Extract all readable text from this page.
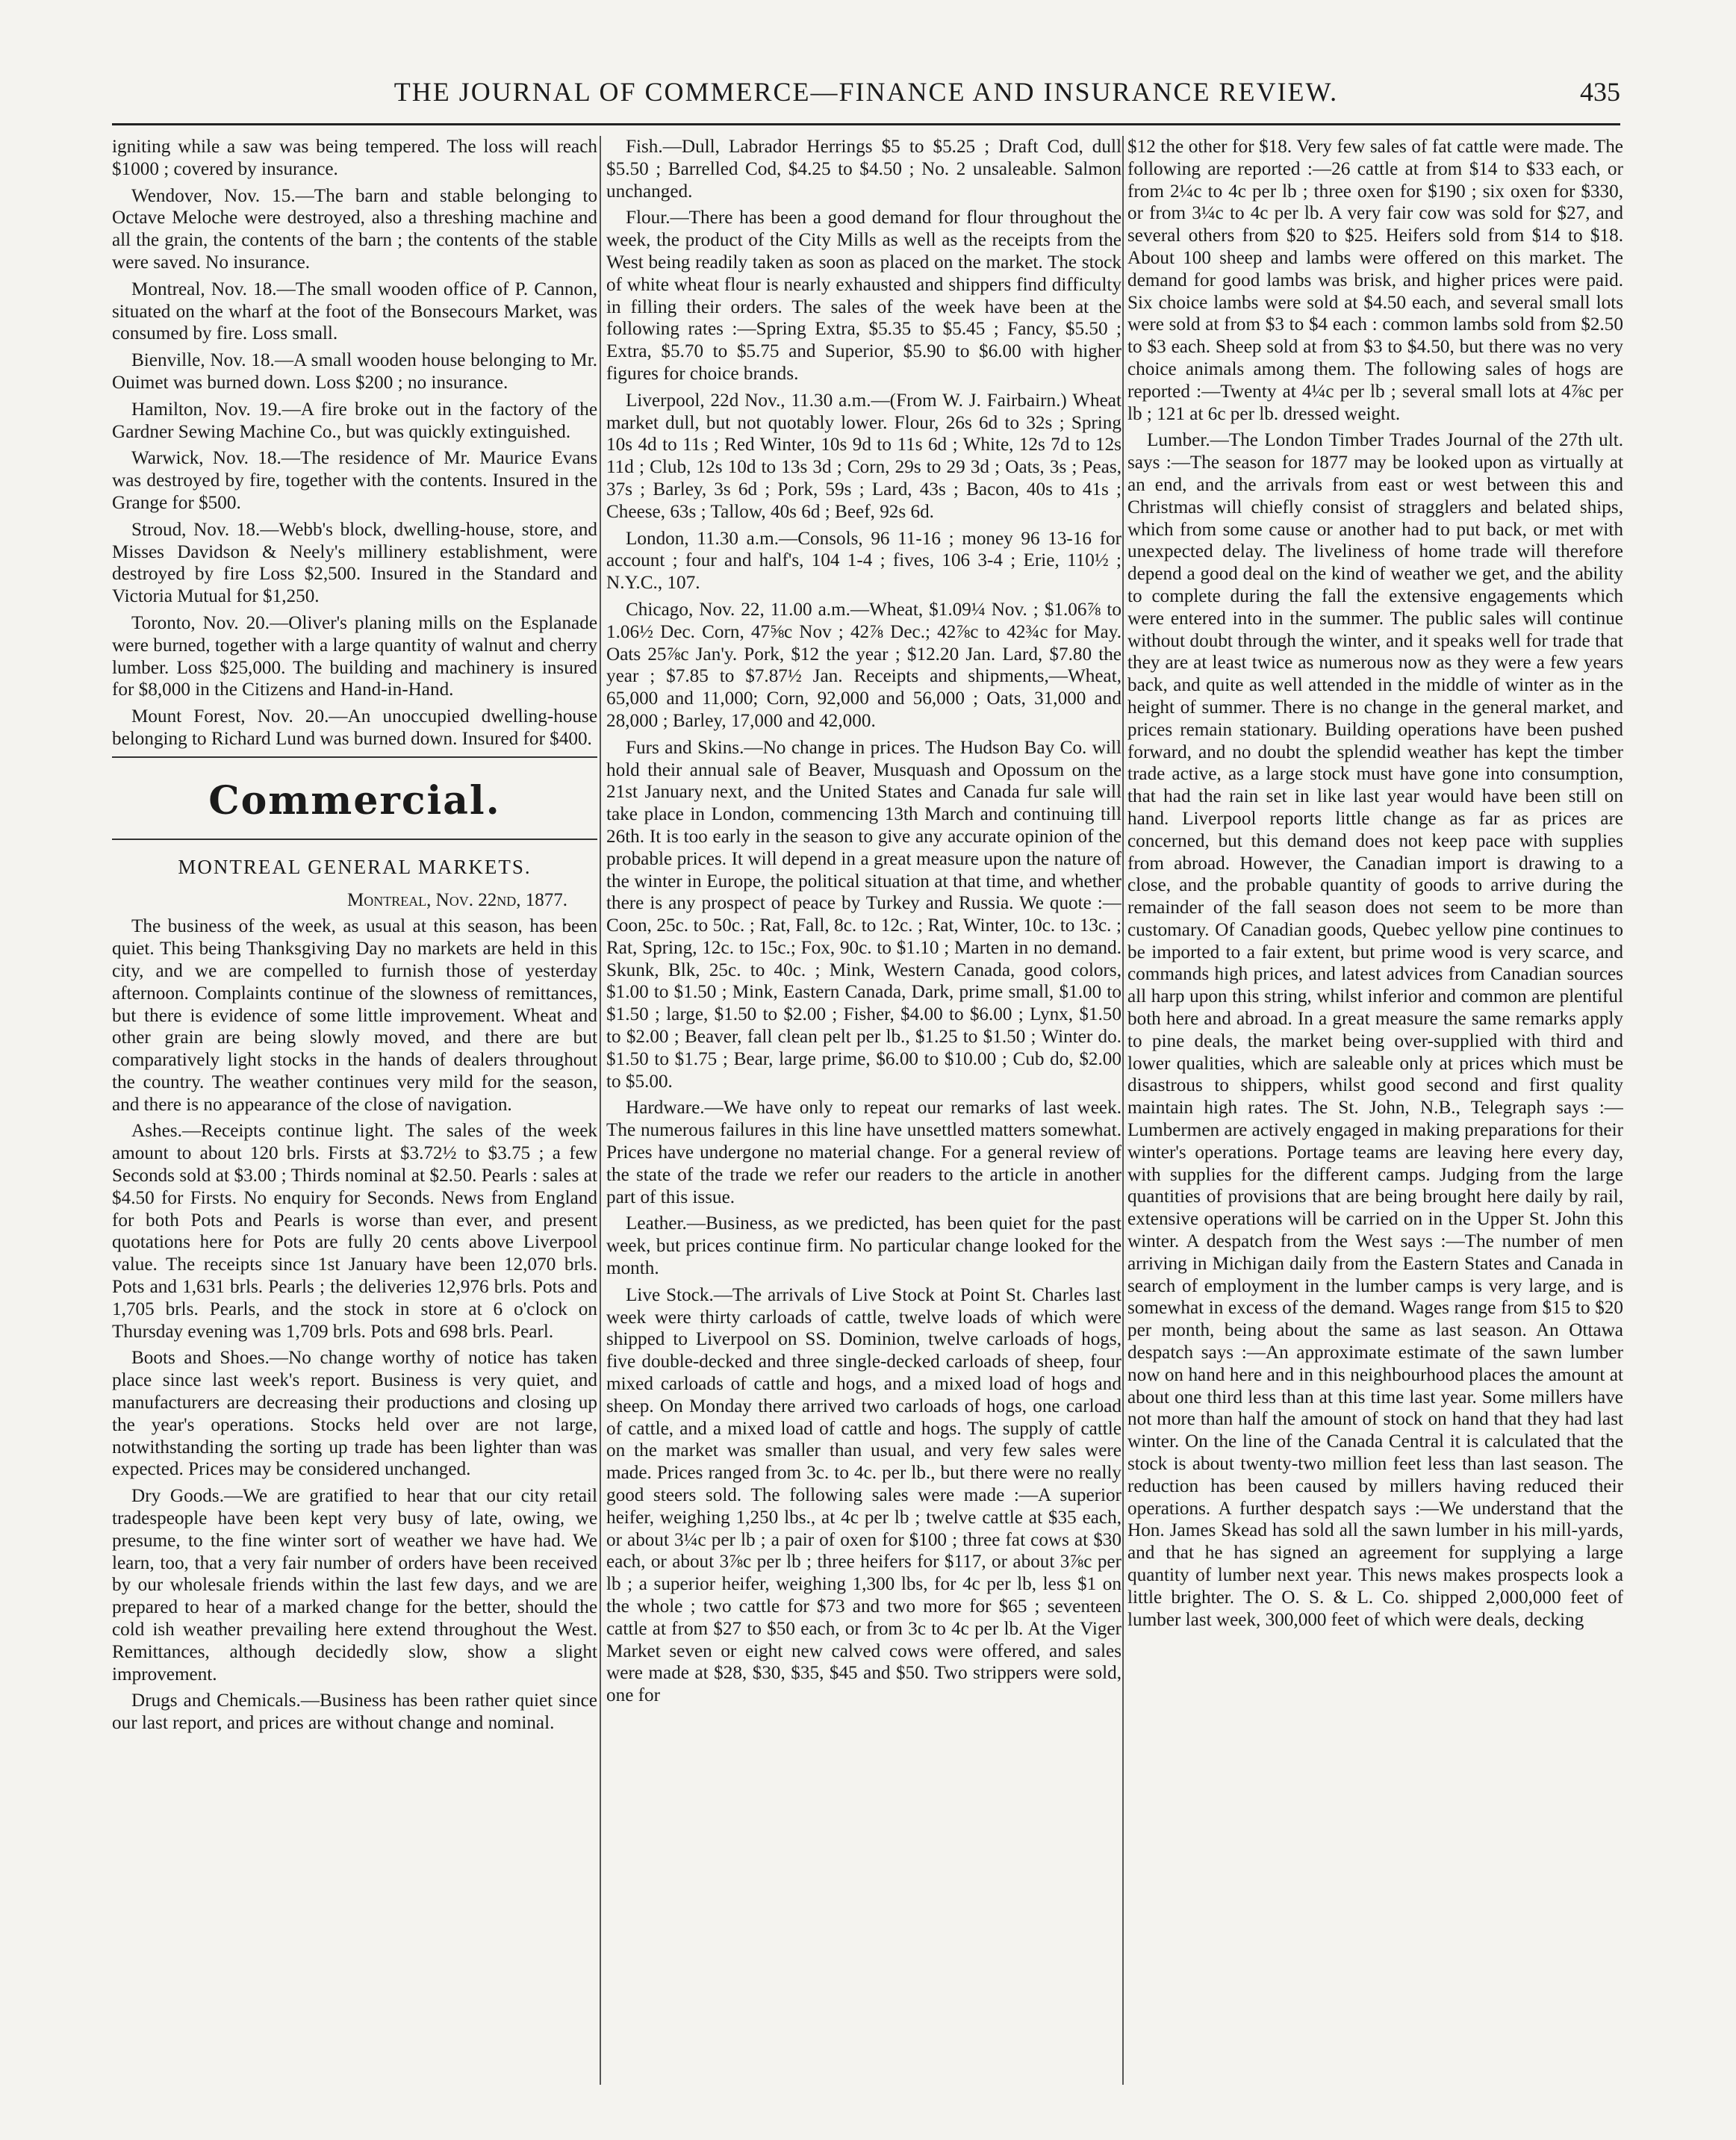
THE JOURNAL OF COMMERCE—FINANCE AND INSURANCE REVIEW.	435

igniting while a saw was being tempered. The loss will reach $1000 ; covered by insurance.

Wendover, Nov. 15.—The barn and stable belonging to Octave Meloche were destroyed, also a threshing machine and all the grain, the contents of the barn ; the contents of the stable were saved. No insurance.

Montreal, Nov. 18.—The small wooden office of P. Cannon, situated on the wharf at the foot of the Bonsecours Market, was consumed by fire. Loss small.

Bienville, Nov. 18.—A small wooden house belonging to Mr. Ouimet was burned down. Loss $200 ; no insurance.

Hamilton, Nov. 19.—A fire broke out in the factory of the Gardner Sewing Machine Co., but was quickly extinguished.

Warwick, Nov. 18.—The residence of Mr. Maurice Evans was destroyed by fire, together with the contents. Insured in the Grange for $500.

Stroud, Nov. 18.—Webb's block, dwelling-house, store, and Misses Davidson & Neely's millinery establishment, were destroyed by fire Loss $2,500. Insured in the Standard and Victoria Mutual for $1,250.

Toronto, Nov. 20.—Oliver's planing mills on the Esplanade were burned, together with a large quantity of walnut and cherry lumber. Loss $25,000. The building and machinery is insured for $8,000 in the Citizens and Hand-in-Hand.

Mount Forest, Nov. 20.—An unoccupied dwelling-house belonging to Richard Lund was burned down. Insured for $400.

Commercial.
MONTREAL GENERAL MARKETS.
Montreal, Nov. 22nd, 1877.

The business of the week, as usual at this season, has been quiet. This being Thanksgiving Day no markets are held in this city, and we are compelled to furnish those of yesterday afternoon. Complaints continue of the slowness of remittances, but there is evidence of some little improvement. Wheat and other grain are being slowly moved, and there are but comparatively light stocks in the hands of dealers throughout the country. The weather continues very mild for the season, and there is no appearance of the close of navigation.

Ashes.—Receipts continue light. The sales of the week amount to about 120 brls. Firsts at $3.72½ to $3.75 ; a few Seconds sold at $3.00 ; Thirds nominal at $2.50. Pearls : sales at $4.50 for Firsts. No enquiry for Seconds. News from England for both Pots and Pearls is worse than ever, and present quotations here for Pots are fully 20 cents above Liverpool value. The receipts since 1st January have been 12,070 brls. Pots and 1,631 brls. Pearls ; the deliveries 12,976 brls. Pots and 1,705 brls. Pearls, and the stock in store at 6 o'clock on Thursday evening was 1,709 brls. Pots and 698 brls. Pearl.

Boots and Shoes.—No change worthy of notice has taken place since last week's report. Business is very quiet, and manufacturers are decreasing their productions and closing up the year's operations. Stocks held over are not large, notwithstanding the sorting up trade has been lighter than was expected. Prices may be considered unchanged.

Dry Goods.—We are gratified to hear that our city retail tradespeople have been kept very busy of late, owing, we presume, to the fine winter sort of weather we have had. We learn, too, that a very fair number of orders have been received by our wholesale friends within the last few days, and we are prepared to hear of a marked change for the better, should the cold ish weather prevailing here extend throughout the West. Remittances, although decidedly slow, show a slight improvement.

Drugs and Chemicals.—Business has been rather quiet since our last report, and prices are without change and nominal.

Fish.—Dull, Labrador Herrings $5 to $5.25 ; Draft Cod, dull $5.50 ; Barrelled Cod, $4.25 to $4.50 ; No. 2 unsaleable. Salmon unchanged.

Flour.—There has been a good demand for flour throughout the week, the product of the City Mills as well as the receipts from the West being readily taken as soon as placed on the market. The stock of white wheat flour is nearly exhausted and shippers find difficulty in filling their orders. The sales of the week have been at the following rates :—Spring Extra, $5.35 to $5.45 ; Fancy, $5.50 ; Extra, $5.70 to $5.75 and Superior, $5.90 to $6.00 with higher figures for choice brands.

Liverpool, 22d Nov., 11.30 a.m.—(From W. J. Fairbairn.) Wheat market dull, but not quotably lower. Flour, 26s 6d to 32s ; Spring 10s 4d to 11s ; Red Winter, 10s 9d to 11s 6d ; White, 12s 7d to 12s 11d ; Club, 12s 10d to 13s 3d ; Corn, 29s to 29 3d ; Oats, 3s ; Peas, 37s ; Barley, 3s 6d ; Pork, 59s ; Lard, 43s ; Bacon, 40s to 41s ; Cheese, 63s ; Tallow, 40s 6d ; Beef, 92s 6d.

London, 11.30 a.m.—Consols, 96 11-16 ; money 96 13-16 for account ; four and half's, 104 1-4 ; fives, 106 3-4 ; Erie, 110½ ; N.Y.C., 107.

Chicago, Nov. 22, 11.00 a.m.—Wheat, $1.09¼ Nov. ; $1.06⅞ to 1.06½ Dec. Corn, 47⅝c Nov ; 42⅞ Dec.; 42⅞c to 42¾c for May. Oats 25⅞c Jan'y. Pork, $12 the year ; $12.20 Jan. Lard, $7.80 the year ; $7.85 to $7.87½ Jan. Receipts and shipments,—Wheat, 65,000 and 11,000; Corn, 92,000 and 56,000 ; Oats, 31,000 and 28,000 ; Barley, 17,000 and 42,000.

Furs and Skins.—No change in prices. The Hudson Bay Co. will hold their annual sale of Beaver, Musquash and Opossum on the 21st January next, and the United States and Canada fur sale will take place in London, commencing 13th March and continuing till 26th. It is too early in the season to give any accurate opinion of the probable prices. It will depend in a great measure upon the nature of the winter in Europe, the political situation at that time, and whether there is any prospect of peace by Turkey and Russia. We quote :—Coon, 25c. to 50c. ; Rat, Fall, 8c. to 12c. ; Rat, Winter, 10c. to 13c. ; Rat, Spring, 12c. to 15c.; Fox, 90c. to $1.10 ; Marten in no demand. Skunk, Blk, 25c. to 40c. ; Mink, Western Canada, good colors, $1.00 to $1.50 ; Mink, Eastern Canada, Dark, prime small, $1.00 to $1.50 ; large, $1.50 to $2.00 ; Fisher, $4.00 to $6.00 ; Lynx, $1.50 to $2.00 ; Beaver, fall clean pelt per lb., $1.25 to $1.50 ; Winter do. $1.50 to $1.75 ; Bear, large prime, $6.00 to $10.00 ; Cub do, $2.00 to $5.00.

Hardware.—We have only to repeat our remarks of last week. The numerous failures in this line have unsettled matters somewhat. Prices have undergone no material change. For a general review of the state of the trade we refer our readers to the article in another part of this issue.

Leather.—Business, as we predicted, has been quiet for the past week, but prices continue firm. No particular change looked for the month.

Live Stock.—The arrivals of Live Stock at Point St. Charles last week were thirty carloads of cattle, twelve loads of which were shipped to Liverpool on SS. Dominion, twelve carloads of hogs, five double-decked and three single-decked carloads of sheep, four mixed carloads of cattle and hogs, and a mixed load of hogs and sheep. On Monday there arrived two carloads of hogs, one carload of cattle, and a mixed load of cattle and hogs. The supply of cattle on the market was smaller than usual, and very few sales were made. Prices ranged from 3c. to 4c. per lb., but there were no really good steers sold. The following sales were made :—A superior heifer, weighing 1,250 lbs., at 4c per lb ; twelve cattle at $35 each, or about 3¼c per lb ; a pair of oxen for $100 ; three fat cows at $30 each, or about 3⅞c per lb ; three heifers for $117, or about 3⅞c per lb ; a superior heifer, weighing 1,300 lbs, for 4c per lb, less $1 on the whole ; two cattle for $73 and two more for $65 ; seventeen cattle at from $27 to $50 each, or from 3c to 4c per lb. At the Viger Market seven or eight new calved cows were offered, and sales were made at $28, $30, $35, $45 and $50. Two strippers were sold, one for

$12 the other for $18. Very few sales of fat cattle were made. The following are reported :—26 cattle at from $14 to $33 each, or from 2¼c to 4c per lb ; three oxen for $190 ; six oxen for $330, or from 3¼c to 4c per lb. A very fair cow was sold for $27, and several others from $20 to $25. Heifers sold from $14 to $18. About 100 sheep and lambs were offered on this market. The demand for good lambs was brisk, and higher prices were paid. Six choice lambs were sold at $4.50 each, and several small lots were sold at from $3 to $4 each : common lambs sold from $2.50 to $3 each. Sheep sold at from $3 to $4.50, but there was no very choice animals among them. The following sales of hogs are reported :—Twenty at 4¼c per lb ; several small lots at 4⅞c per lb ; 121 at 6c per lb. dressed weight.

Lumber.—The London Timber Trades Journal of the 27th ult. says :—The season for 1877 may be looked upon as virtually at an end, and the arrivals from east or west between this and Christmas will chiefly consist of stragglers and belated ships, which from some cause or another had to put back, or met with unexpected delay. The liveliness of home trade will therefore depend a good deal on the kind of weather we get, and the ability to complete during the fall the extensive engagements which were entered into in the summer. The public sales will continue without doubt through the winter, and it speaks well for trade that they are at least twice as numerous now as they were a few years back, and quite as well attended in the middle of winter as in the height of summer. There is no change in the general market, and prices remain stationary. Building operations have been pushed forward, and no doubt the splendid weather has kept the timber trade active, as a large stock must have gone into consumption, that had the rain set in like last year would have been still on hand. Liverpool reports little change as far as prices are concerned, but this demand does not keep pace with supplies from abroad. However, the Canadian import is drawing to a close, and the probable quantity of goods to arrive during the remainder of the fall season does not seem to be more than customary. Of Canadian goods, Quebec yellow pine continues to be imported to a fair extent, but prime wood is very scarce, and commands high prices, and latest advices from Canadian sources all harp upon this string, whilst inferior and common are plentiful both here and abroad. In a great measure the same remarks apply to pine deals, the market being over-supplied with third and lower qualities, which are saleable only at prices which must be disastrous to shippers, whilst good second and first quality maintain high rates. The St. John, N.B., Telegraph says :—Lumbermen are actively engaged in making preparations for their winter's operations. Portage teams are leaving here every day, with supplies for the different camps. Judging from the large quantities of provisions that are being brought here daily by rail, extensive operations will be carried on in the Upper St. John this winter. A despatch from the West says :—The number of men arriving in Michigan daily from the Eastern States and Canada in search of employment in the lumber camps is very large, and is somewhat in excess of the demand. Wages range from $15 to $20 per month, being about the same as last season. An Ottawa despatch says :—An approximate estimate of the sawn lumber now on hand here and in this neighbourhood places the amount at about one third less than at this time last year. Some millers have not more than half the amount of stock on hand that they had last winter. On the line of the Canada Central it is calculated that the stock is about twenty-two million feet less than last season. The reduction has been caused by millers having reduced their operations. A further despatch says :—We understand that the Hon. James Skead has sold all the sawn lumber in his mill-yards, and that he has signed an agreement for supplying a large quantity of lumber next year. This news makes prospects look a little brighter. The O. S. & L. Co. shipped 2,000,000 feet of lumber last week, 300,000 feet of which were deals, decking
